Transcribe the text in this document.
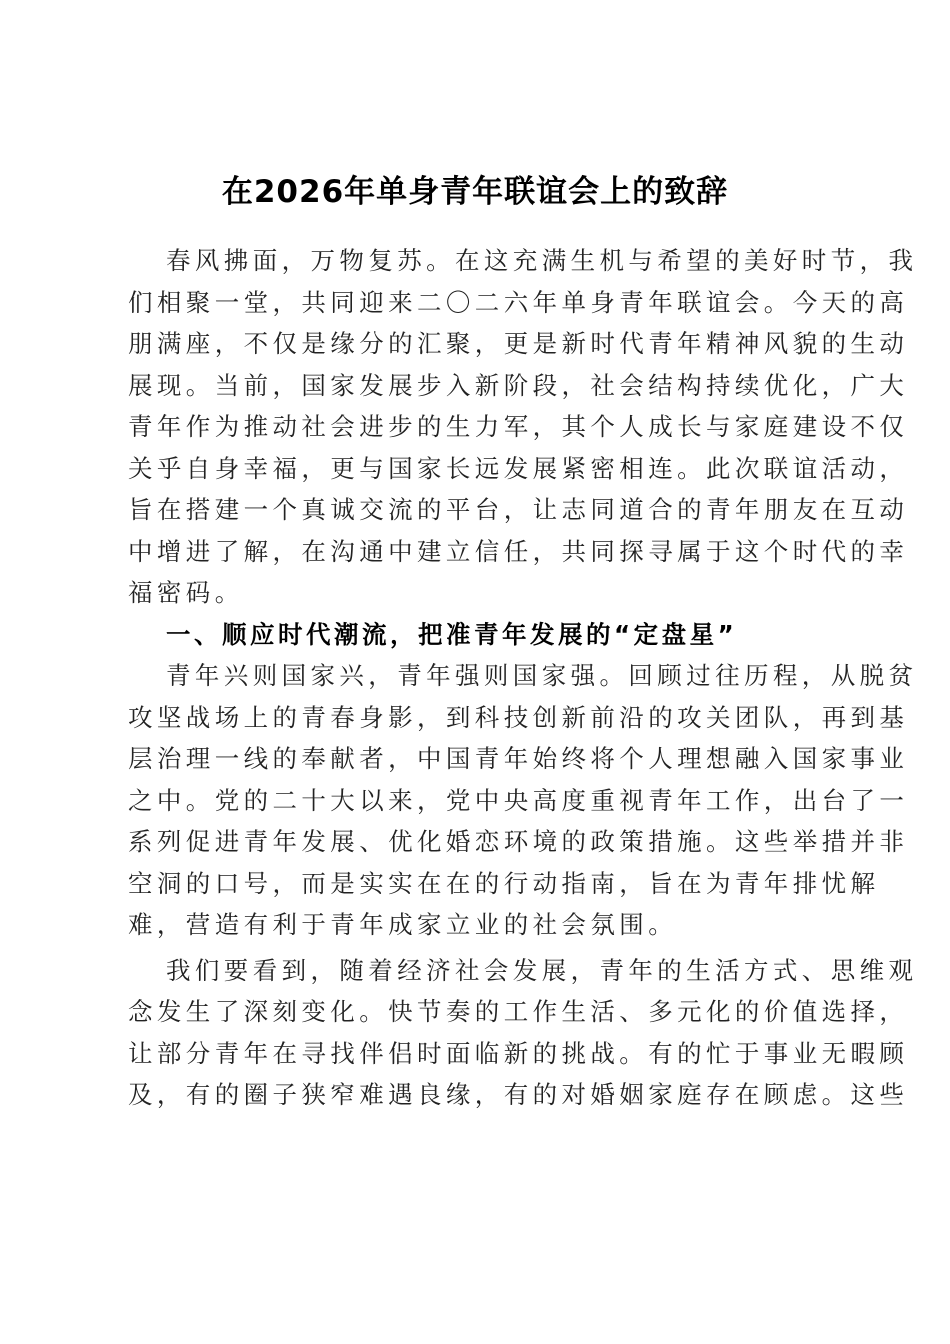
在2026年单身青年联谊会上的致辞
春风拂面，万物复苏。在这充满生机与希望的美好时节，我
们相聚一堂，共同迎来二〇二六年单身青年联谊会。今天的高
朋满座，不仅是缘分的汇聚，更是新时代青年精神风貌的生动
展现。当前，国家发展步入新阶段，社会结构持续优化，广大
青年作为推动社会进步的生力军，其个人成长与家庭建设不仅
关乎自身幸福，更与国家长远发展紧密相连。此次联谊活动，
旨在搭建一个真诚交流的平台，让志同道合的青年朋友在互动
中增进了解，在沟通中建立信任，共同探寻属于这个时代的幸
福密码。
一、顺应时代潮流，把准青年发展的“定盘星”
青年兴则国家兴，青年强则国家强。回顾过往历程，从脱贫
攻坚战场上的青春身影，到科技创新前沿的攻关团队，再到基
层治理一线的奉献者，中国青年始终将个人理想融入国家事业
之中。党的二十大以来，党中央高度重视青年工作，出台了一
系列促进青年发展、优化婚恋环境的政策措施。这些举措并非
空洞的口号，而是实实在在的行动指南，旨在为青年排忧解
难，营造有利于青年成家立业的社会氛围。
我们要看到，随着经济社会发展，青年的生活方式、思维观
念发生了深刻变化。快节奏的工作生活、多元化的价值选择，
让部分青年在寻找伴侣时面临新的挑战。有的忙于事业无暇顾
及，有的圈子狭窄难遇良缘，有的对婚姻家庭存在顾虑。这些
